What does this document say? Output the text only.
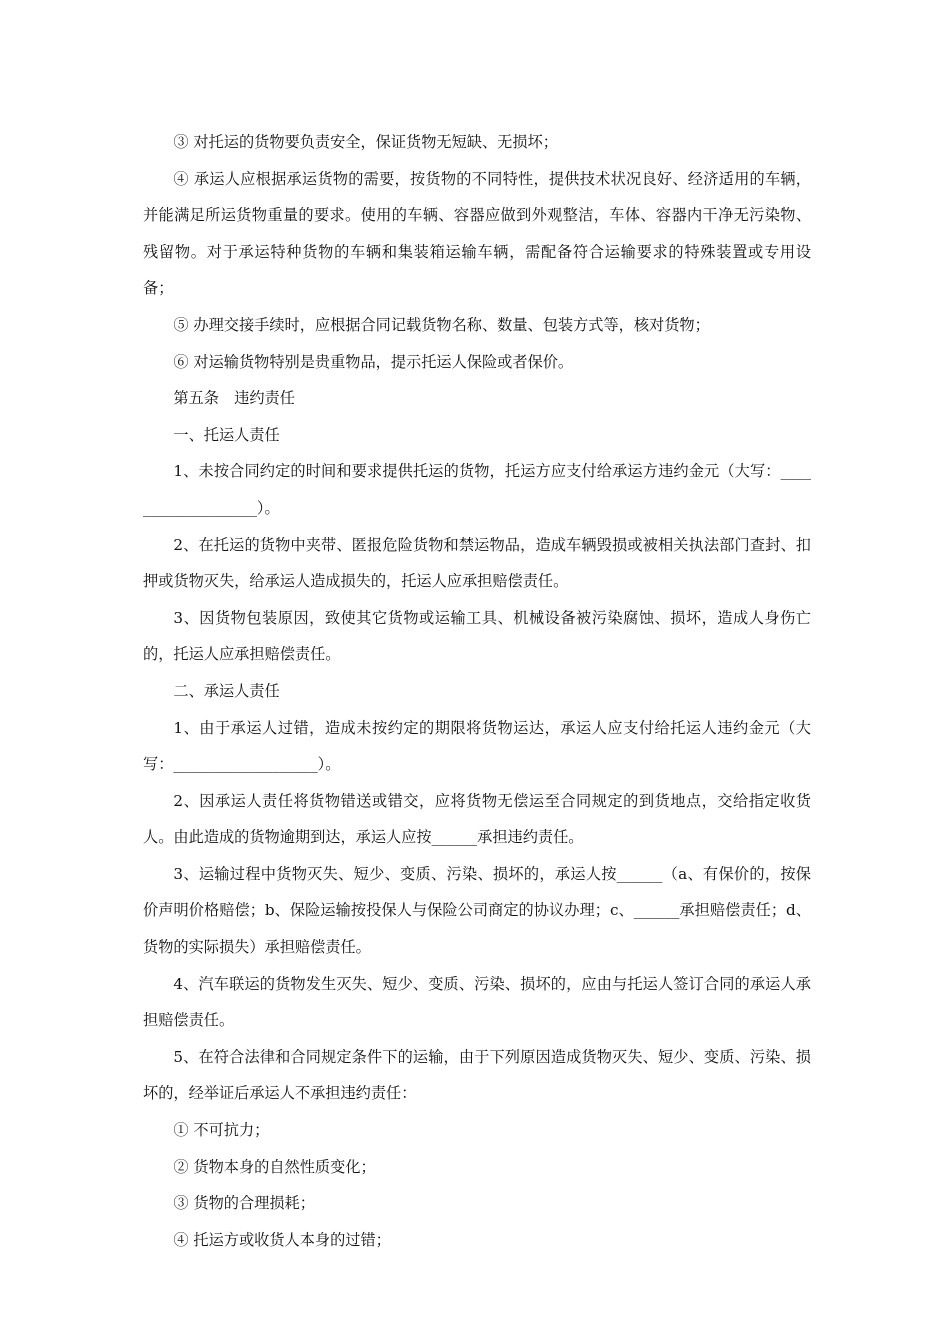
③ 对托运的货物要负责安全，保证货物无短缺、无损坏；

④ 承运人应根据承运货物的需要，按货物的不同特性，提供技术状况良好、经济适用的车辆，并能满足所运货物重量的要求。使用的车辆、容器应做到外观整洁，车体、容器内干净无污染物、残留物。对于承运特种货物的车辆和集装箱运输车辆，需配备符合运输要求的特殊装置或专用设备；

⑤ 办理交接手续时，应根据合同记载货物名称、数量、包装方式等，核对货物；

⑥ 对运输货物特别是贵重物品，提示托运人保险或者保价。

第五条　违约责任

一、托运人责任

1、未按合同约定的时间和要求提供托运的货物，托运方应支付给承运方违约金元（大写：___________________）。

2、在托运的货物中夹带、匿报危险货物和禁运物品，造成车辆毁损或被相关执法部门查封、扣押或货物灭失，给承运人造成损失的，托运人应承担赔偿责任。

3、因货物包装原因，致使其它货物或运输工具、机械设备被污染腐蚀、损坏，造成人身伤亡的，托运人应承担赔偿责任。

二、承运人责任

1、由于承运人过错，造成未按约定的期限将货物运达，承运人应支付给托运人违约金元（大写：___________________）。

2、因承运人责任将货物错送或错交，应将货物无偿运至合同规定的到货地点，交给指定收货人。由此造成的货物逾期到达，承运人应按______承担违约责任。

3、运输过程中货物灭失、短少、变质、污染、损坏的，承运人按______（a、有保价的，按保价声明价格赔偿；b、保险运输按投保人与保险公司商定的协议办理；c、______承担赔偿责任；d、货物的实际损失）承担赔偿责任。

4、汽车联运的货物发生灭失、短少、变质、污染、损坏的，应由与托运人签订合同的承运人承担赔偿责任。

5、在符合法律和合同规定条件下的运输，由于下列原因造成货物灭失、短少、变质、污染、损坏的，经举证后承运人不承担违约责任：

① 不可抗力；

② 货物本身的自然性质变化；

③ 货物的合理损耗；

④ 托运方或收货人本身的过错；
